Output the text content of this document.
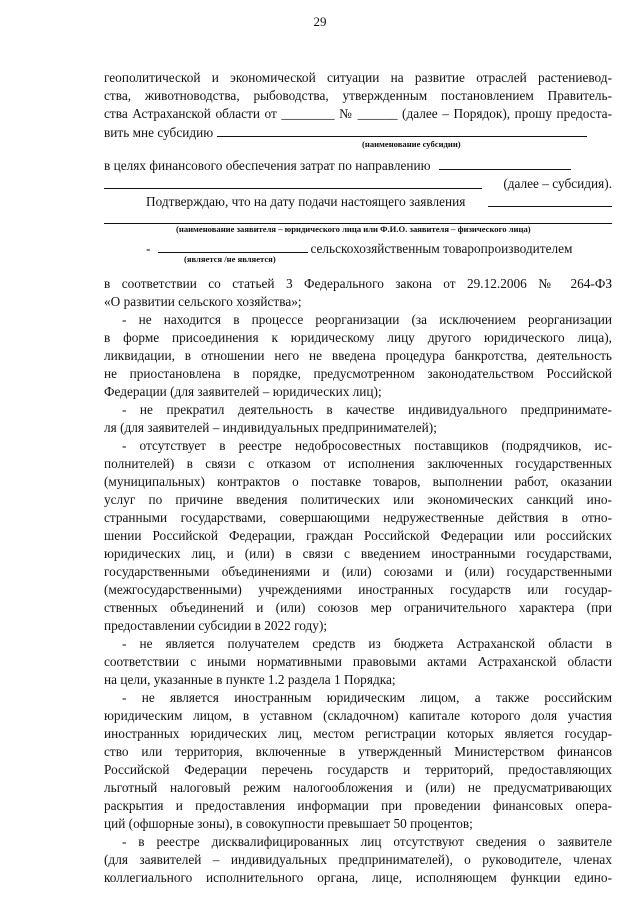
29
геополитической и экономической ситуации на развитие отраслей растениевод-
ства, животноводства, рыбоводства, утвержденным постановлением Правитель-
ства Астраханской области от ________ № ______ (далее – Порядок), прошу предоста-
вить мне субсидию
(наименование субсидии)
в целях финансового обеспечения затрат по направлению
(далее – субсидия).
Подтверждаю, что на дату подачи настоящего заявления
(наименование заявителя – юридического лица или Ф.И.О. заявителя – физического лица)
-	сельскохозяйственным товаропроизводителем
(является /не является)
в соответствии со статьей 3 Федерального закона от 29.12.2006 № 264-ФЗ
«О развитии сельского хозяйства»;
- не находится в процессе реорганизации (за исключением реорганизации
в форме присоединения к юридическому лицу другого юридического лица),
ликвидации, в отношении него не введена процедура банкротства, деятельность
не приостановлена в порядке, предусмотренном законодательством Российской
Федерации (для заявителей – юридических лиц);
- не прекратил деятельность в качестве индивидуального предпринимате-
ля (для заявителей – индивидуальных предпринимателей);
- отсутствует в реестре недобросовестных поставщиков (подрядчиков, ис-
полнителей) в связи с отказом от исполнения заключенных государственных
(муниципальных) контрактов о поставке товаров, выполнении работ, оказании
услуг по причине введения политических или экономических санкций ино-
странными государствами, совершающими недружественные действия в отно-
шении Российской Федерации, граждан Российской Федерации или российских
юридических лиц, и (или) в связи с введением иностранными государствами,
государственными объединениями и (или) союзами и (или) государственными
(межгосударственными) учреждениями иностранных государств или государ-
ственных объединений и (или) союзов мер ограничительного характера (при
предоставлении субсидии в 2022 году);
- не является получателем средств из бюджета Астраханской области в
соответствии с иными нормативными правовыми актами Астраханской области
на цели, указанные в пункте 1.2 раздела 1 Порядка;
- не является иностранным юридическим лицом, а также российским
юридическим лицом, в уставном (складочном) капитале которого доля участия
иностранных юридических лиц, местом регистрации которых является государ-
ство или территория, включенные в утвержденный Министерством финансов
Российской Федерации перечень государств и территорий, предоставляющих
льготный налоговый режим налогообложения и (или) не предусматривающих
раскрытия и предоставления информации при проведении финансовых опера-
ций (офшорные зоны), в совокупности превышает 50 процентов;
- в реестре дисквалифицированных лиц отсутствуют сведения о заявителе
(для заявителей – индивидуальных предпринимателей), о руководителе, членах
коллегиального исполнительного органа, лице, исполняющем функции едино-
